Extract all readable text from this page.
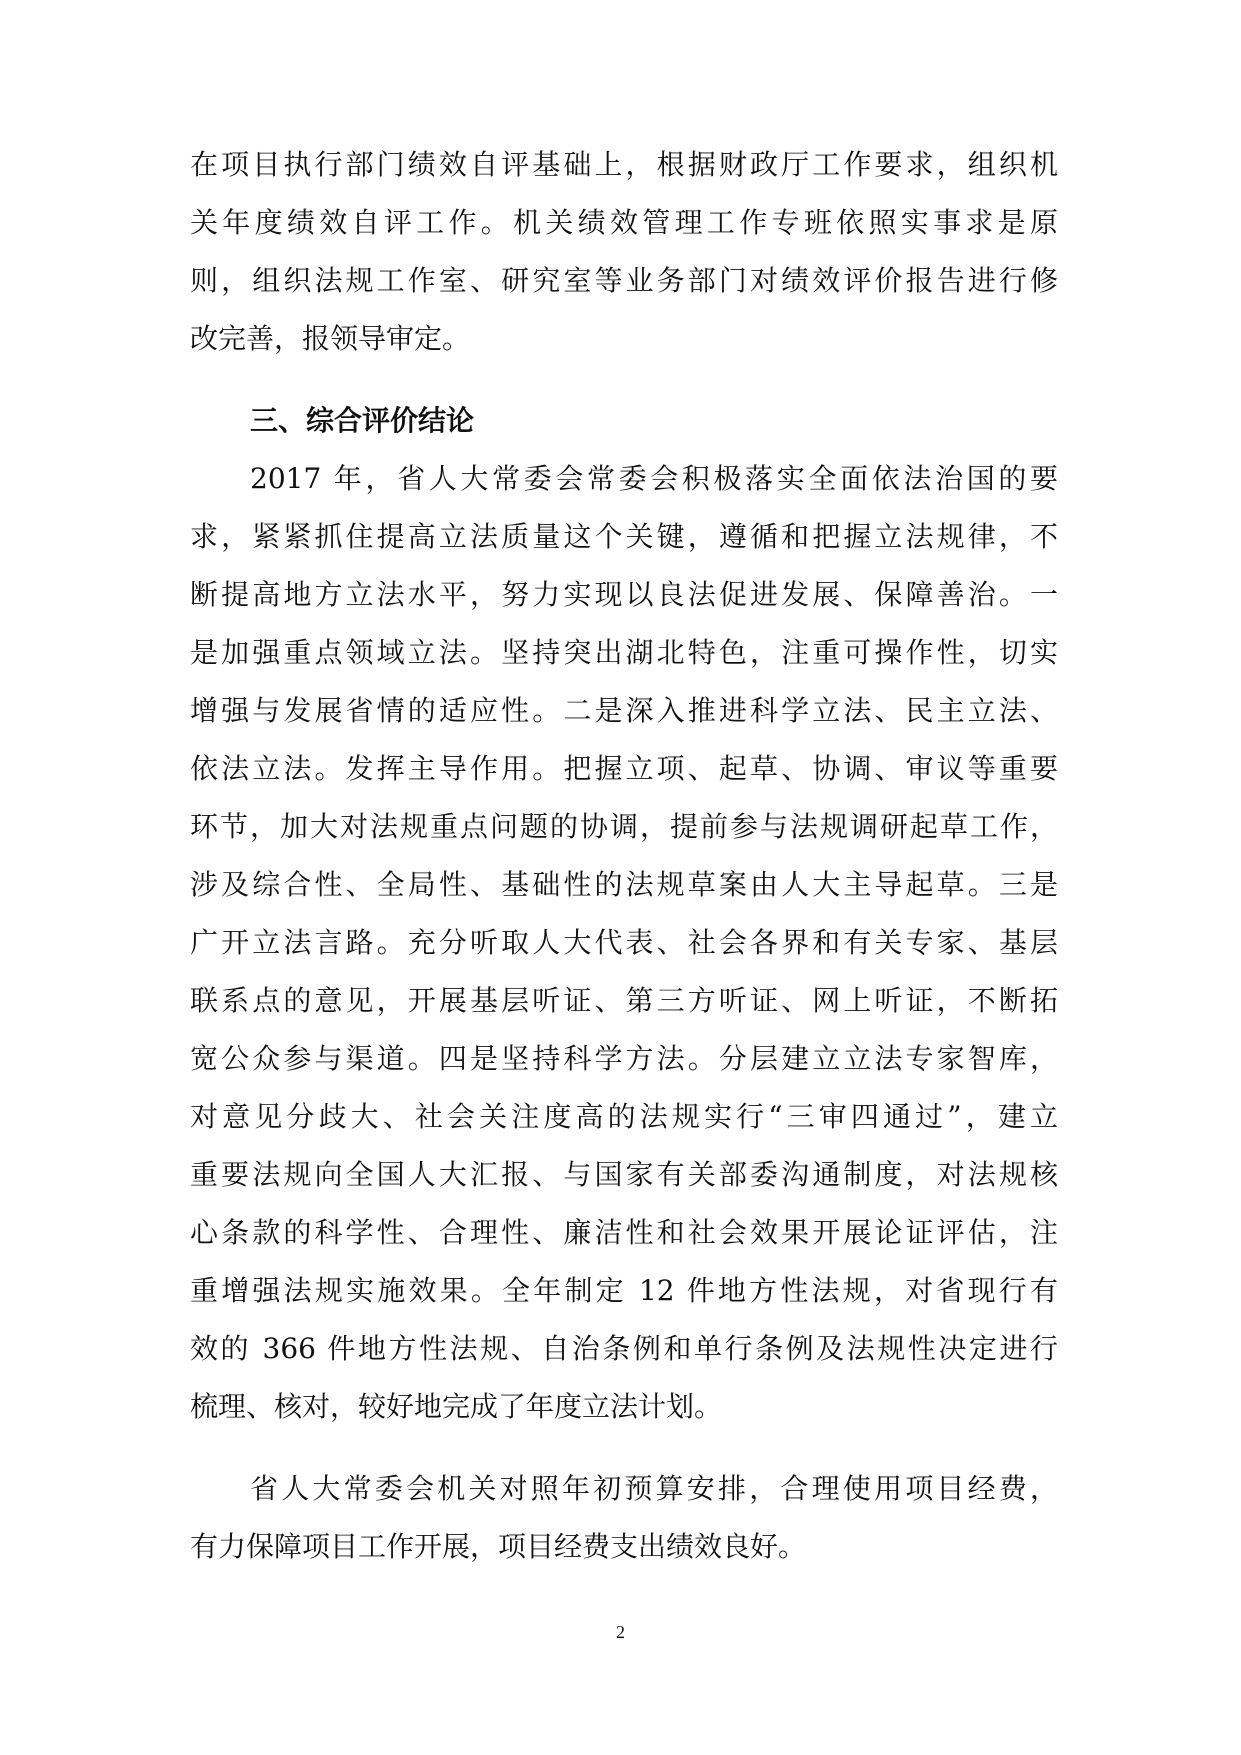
在项目执行部门绩效自评基础上，根据财政厅工作要求，组织机
关年度绩效自评工作。机关绩效管理工作专班依照实事求是原
则，组织法规工作室、研究室等业务部门对绩效评价报告进行修
改完善，报领导审定。
三、综合评价结论
2017 年，省人大常委会常委会积极落实全面依法治国的要
求，紧紧抓住提高立法质量这个关键，遵循和把握立法规律，不
断提高地方立法水平，努力实现以良法促进发展、保障善治。一
是加强重点领域立法。坚持突出湖北特色，注重可操作性，切实
增强与发展省情的适应性。二是深入推进科学立法、民主立法、
依法立法。发挥主导作用。把握立项、起草、协调、审议等重要
环节，加大对法规重点问题的协调，提前参与法规调研起草工作，
涉及综合性、全局性、基础性的法规草案由人大主导起草。三是
广开立法言路。充分听取人大代表、社会各界和有关专家、基层
联系点的意见，开展基层听证、第三方听证、网上听证，不断拓
宽公众参与渠道。四是坚持科学方法。分层建立立法专家智库，
对意见分歧大、社会关注度高的法规实行“三审四通过”，建立
重要法规向全国人大汇报、与国家有关部委沟通制度，对法规核
心条款的科学性、合理性、廉洁性和社会效果开展论证评估，注
重增强法规实施效果。全年制定 12 件地方性法规，对省现行有
效的 366 件地方性法规、自治条例和单行条例及法规性决定进行
梳理、核对，较好地完成了年度立法计划。
省人大常委会机关对照年初预算安排，合理使用项目经费，
有力保障项目工作开展，项目经费支出绩效良好。
2
